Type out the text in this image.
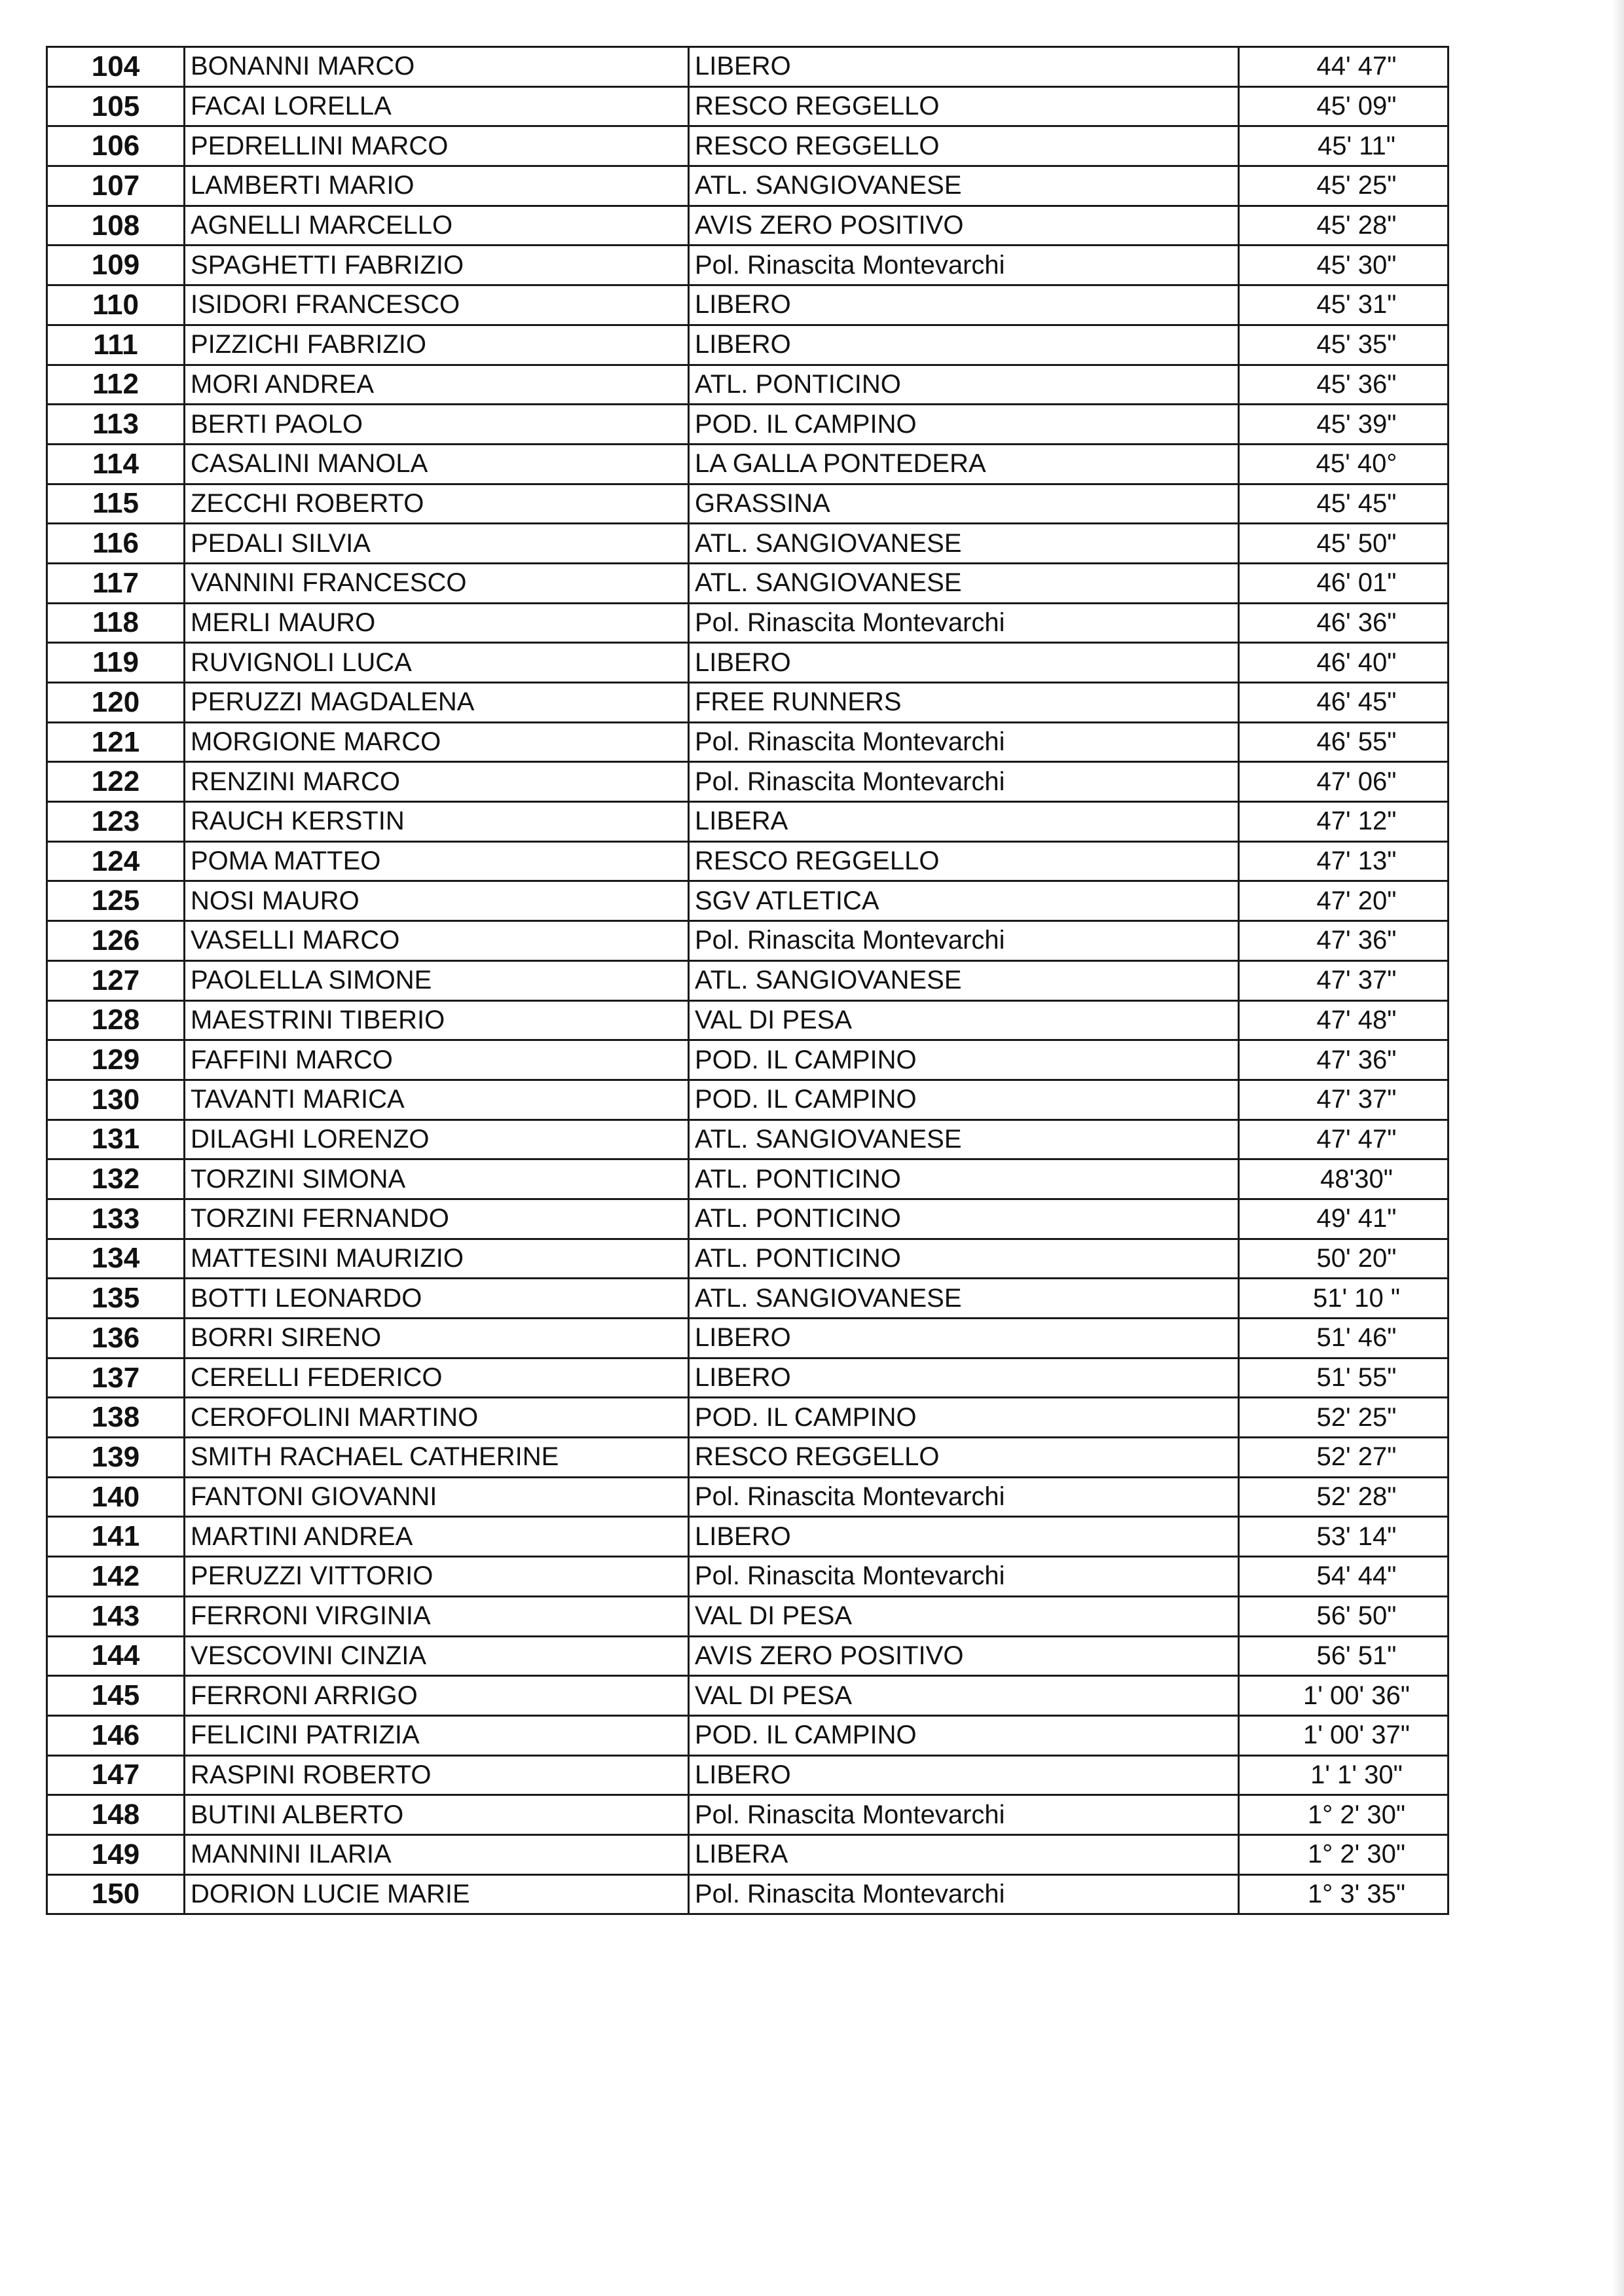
104	BONANNI MARCO	LIBERO	44' 47"
105	FACAI LORELLA	RESCO REGGELLO	45' 09"
106	PEDRELLINI MARCO	RESCO REGGELLO	45' 11"
107	LAMBERTI MARIO	ATL. SANGIOVANESE	45' 25"
108	AGNELLI MARCELLO	AVIS ZERO POSITIVO	45' 28"
109	SPAGHETTI FABRIZIO	Pol. Rinascita Montevarchi	45' 30"
110	ISIDORI FRANCESCO	LIBERO	45' 31"
111	PIZZICHI FABRIZIO	LIBERO	45' 35"
112	MORI ANDREA	ATL. PONTICINO	45' 36"
113	BERTI PAOLO	POD. IL CAMPINO	45' 39"
114	CASALINI MANOLA	LA GALLA PONTEDERA	45' 40°
115	ZECCHI ROBERTO	GRASSINA	45' 45"
116	PEDALI SILVIA	ATL. SANGIOVANESE	45' 50"
117	VANNINI FRANCESCO	ATL. SANGIOVANESE	46' 01"
118	MERLI MAURO	Pol. Rinascita Montevarchi	46' 36"
119	RUVIGNOLI LUCA	LIBERO	46' 40"
120	PERUZZI MAGDALENA	FREE RUNNERS	46' 45"
121	MORGIONE MARCO	Pol. Rinascita Montevarchi	46' 55"
122	RENZINI MARCO	Pol. Rinascita Montevarchi	47' 06"
123	RAUCH KERSTIN	LIBERA	47' 12"
124	POMA MATTEO	RESCO REGGELLO	47' 13"
125	NOSI MAURO	SGV ATLETICA	47' 20"
126	VASELLI MARCO	Pol. Rinascita Montevarchi	47' 36"
127	PAOLELLA SIMONE	ATL. SANGIOVANESE	47' 37"
128	MAESTRINI TIBERIO	VAL DI PESA	47' 48"
129	FAFFINI MARCO	POD. IL CAMPINO	47' 36"
130	TAVANTI MARICA	POD. IL CAMPINO	47' 37"
131	DILAGHI LORENZO	ATL. SANGIOVANESE	47' 47"
132	TORZINI SIMONA	ATL. PONTICINO	48'30"
133	TORZINI FERNANDO	ATL. PONTICINO	49' 41"
134	MATTESINI MAURIZIO	ATL. PONTICINO	50' 20"
135	BOTTI LEONARDO	ATL. SANGIOVANESE	51' 10 "
136	BORRI SIRENO	LIBERO	51' 46"
137	CERELLI FEDERICO	LIBERO	51' 55"
138	CEROFOLINI MARTINO	POD. IL CAMPINO	52' 25"
139	SMITH RACHAEL CATHERINE	RESCO REGGELLO	52' 27"
140	FANTONI GIOVANNI	Pol. Rinascita Montevarchi	52' 28"
141	MARTINI ANDREA	LIBERO	53' 14"
142	PERUZZI VITTORIO	Pol. Rinascita Montevarchi	54' 44"
143	FERRONI VIRGINIA	VAL DI PESA	56' 50"
144	VESCOVINI CINZIA	AVIS ZERO POSITIVO	56' 51"
145	FERRONI ARRIGO	VAL DI PESA	1' 00' 36"
146	FELICINI PATRIZIA	POD. IL CAMPINO	1' 00' 37"
147	RASPINI ROBERTO	LIBERO	1' 1' 30"
148	BUTINI ALBERTO	Pol. Rinascita Montevarchi	1° 2' 30"
149	MANNINI ILARIA	LIBERA	1° 2' 30"
150	DORION LUCIE MARIE	Pol. Rinascita Montevarchi	1° 3' 35"
